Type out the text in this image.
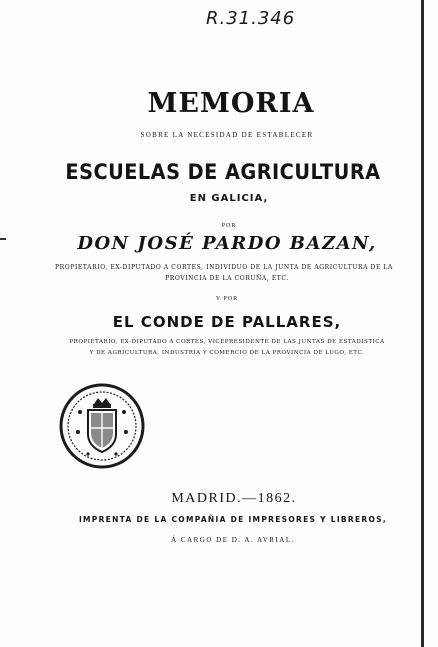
R.31.346
MEMORIA
SOBRE LA NECESIDAD DE ESTABLECER
ESCUELAS DE AGRICULTURA
EN GALICIA,
POR
DON JOSÉ PARDO BAZAN,
PROPIETARIO, EX-DIPUTADO A CORTES, INDIVIDUO DE LA JUNTA DE AGRICULTURA DE LA
PROVINCIA DE LA CORUÑA, ETC.
Y POR
EL CONDE DE PALLARES,
PROPIETARIO, EX-DIPUTADO A CORTES, VICEPRESIDENTE DE LAS JUNTAS DE ESTADISTICA
Y DE AGRICULTURA, INDUSTRIA Y COMERCIO DE LA PROVINCIA DE LUGO, ETC.
MADRID.—1862.
IMPRENTA DE LA COMPAÑIA DE IMPRESORES Y LIBREROS,
Á CARGO DE D. A. AVRIAL.
